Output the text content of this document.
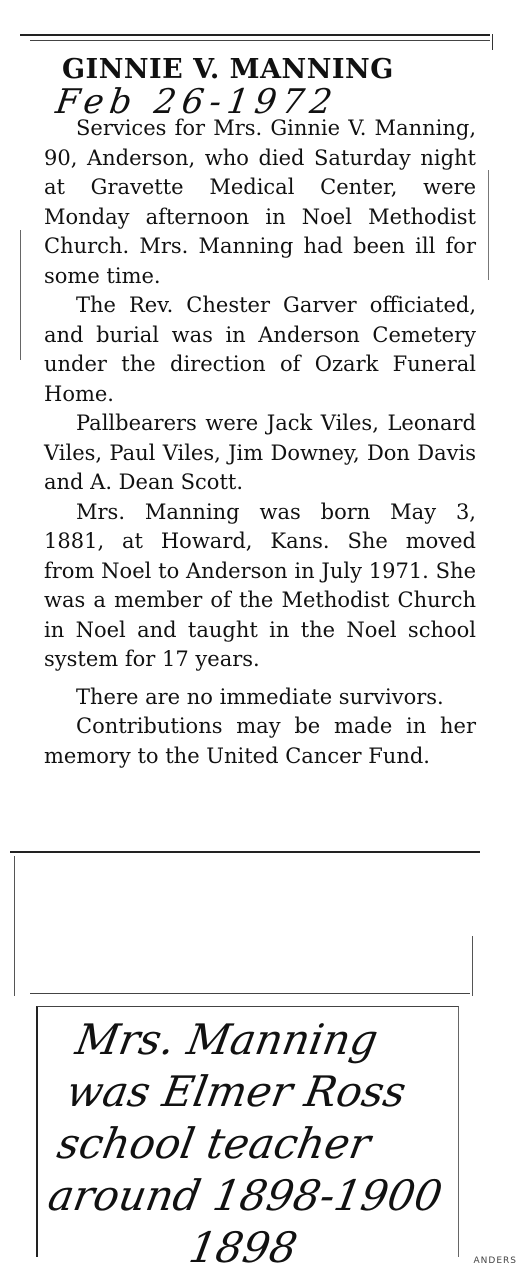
GINNIE V. MANNING
Feb 26-1972

Services for Mrs. Ginnie V. Manning, 90, Anderson, who died Saturday night at Gravette Medical Center, were Monday afternoon in Noel Methodist Church. Mrs. Manning had been ill for some time.

The Rev. Chester Garver officiated, and burial was in Anderson Cemetery under the direction of Ozark Funeral Home.

Pallbearers were Jack Viles, Leonard Viles, Paul Viles, Jim Downey, Don Davis and A. Dean Scott.

Mrs. Manning was born May 3, 1881, at Howard, Kans. She moved from Noel to Anderson in July 1971. She was a member of the Methodist Church in Noel and taught in the Noel school system for 17 years.

There are no immediate survivors.

Contributions may be made in her memory to the United Cancer Fund.

Mrs. Manning
was Elmer Ross
school teacher
around 1898-1900
1898	ANDERS
